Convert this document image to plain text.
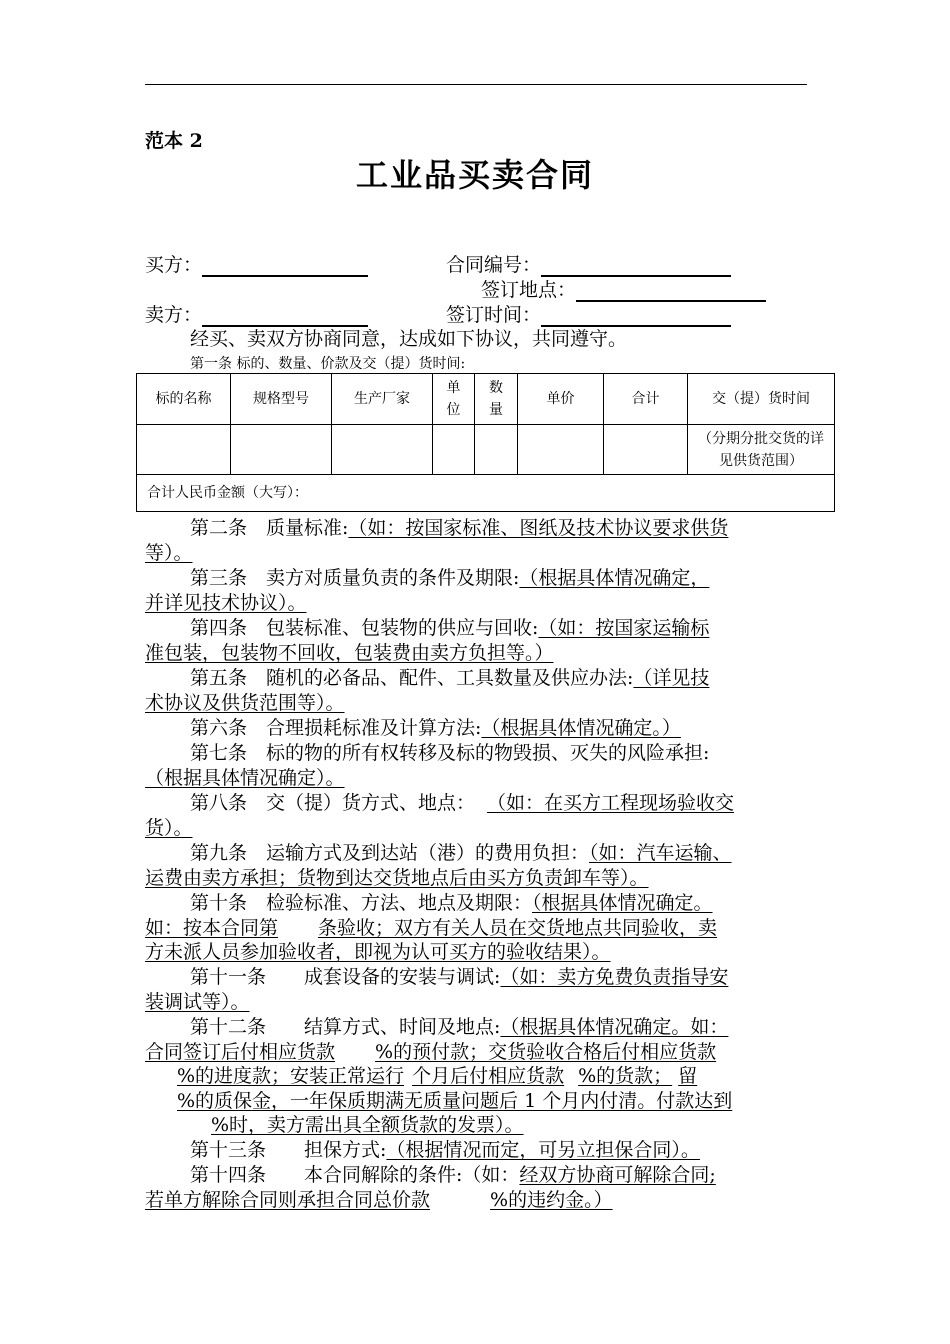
范本 2
工业品买卖合同
买方：	合同编号：
签订地点：
卖方：	签订时间：
经买、卖双方协商同意，达成如下协议，共同遵守。
第一条 标的、数量、价款及交（提）货时间:
标的名称	规格型号	生产厂家	单位	数量	单价	合计	交（提）货时间
							（分期分批交货的详见供货范围）
合计人民币金额（大写）：							
第二条　质量标准:（如：按国家标准、图纸及技术协议要求供货
等）。
第三条　卖方对质量负责的条件及期限:（根据具体情况确定，
并详见技术协议）。
第四条　包装标准、包装物的供应与回收:（如：按国家运输标
准包装，包装物不回收，包装费由卖方负担等。）
第五条　随机的必备品、配件、工具数量及供应办法:（详见技
术协议及供货范围等）。
第六条　合理损耗标准及计算方法:（根据具体情况确定。）
第七条　标的物的所有权转移及标的物毁损、灭失的风险承担:
（根据具体情况确定）。
第八条　交（提）货方式、地点： （如：在买方工程现场验收交
货）。
第九条　运输方式及到达站（港）的费用负担：（如：汽车运输、
运费由卖方承担；货物到达交货地点后由买方负责卸车等）。
第十条　检验标准、方法、地点及期限：（根据具体情况确定。
如：按本合同第 条验收；双方有关人员在交货地点共同验收，卖
方未派人员参加验收者，即视为认可买方的验收结果）。
第十一条　　成套设备的安装与调试:（如：卖方免费负责指导安
装调试等）。
第十二条　　结算方式、时间及地点:（根据具体情况确定。如：
合同签订后付相应货款 %的预付款；交货验收合格后付相应货款
%的进度款；安装正常运行 个月后付相应货款 %的货款； 留
%的质保金，一年保质期满无质量问题后 1 个月内付清。付款达到
%时，卖方需出具全额货款的发票）。
第十三条　　担保方式:（根据情况而定，可另立担保合同）。
第十四条　　本合同解除的条件:（如：经双方协商可解除合同;
若单方解除合同则承担合同总价款	%的违约金。）
